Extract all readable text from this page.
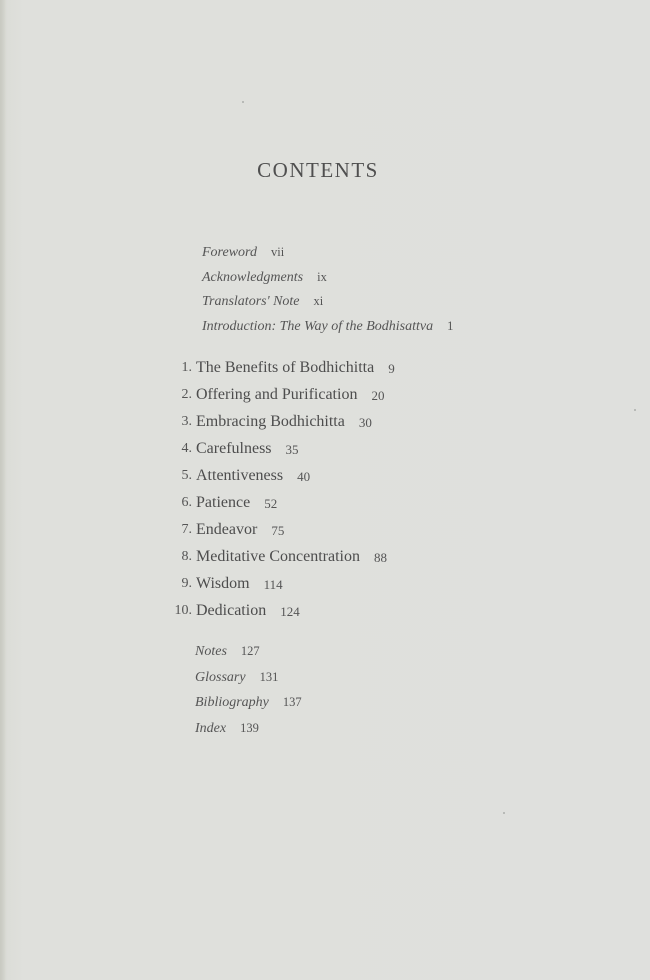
CONTENTS
Foreword vii
Acknowledgments ix
Translators' Note xi
Introduction: The Way of the Bodhisattva 1
1. The Benefits of Bodhichitta 9
2. Offering and Purification 20
3. Embracing Bodhichitta 30
4. Carefulness 35
5. Attentiveness 40
6. Patience 52
7. Endeavor 75
8. Meditative Concentration 88
9. Wisdom 114
10. Dedication 124
Notes 127
Glossary 131
Bibliography 137
Index 139
